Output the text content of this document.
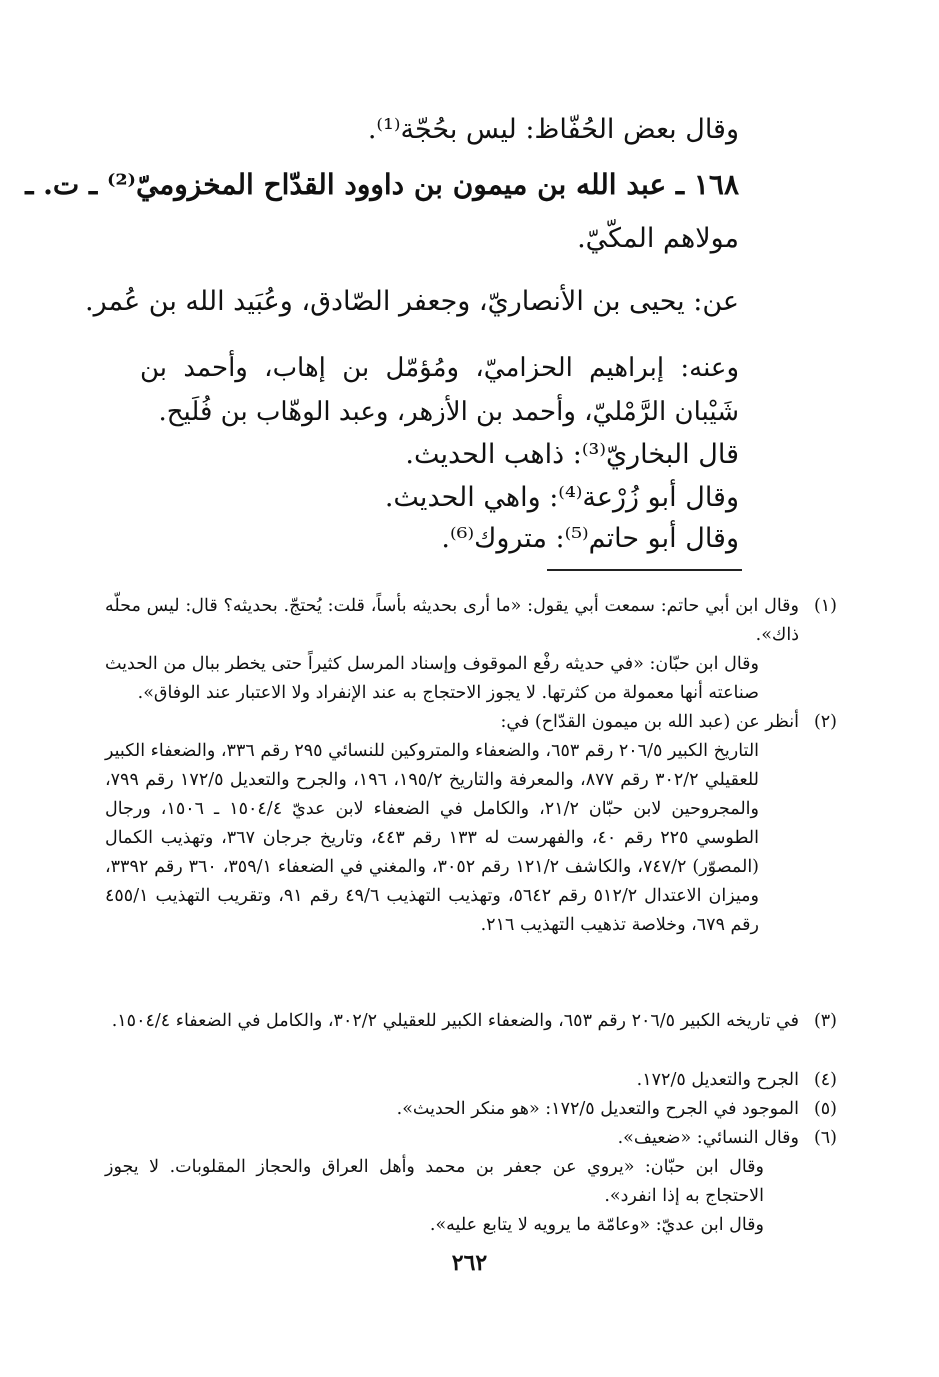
وقال بعض الحُفّاظ: ليس بحُجّة⁽¹⁾.
١٦٨ ـ عبد الله بن ميمون بن داوود القدّاح المخزوميّ⁽²⁾ ـ ت. ـ
مولاهم المكّيّ.
عن: يحيى بن الأنصاريّ، وجعفر الصّادق، وعُبَيد الله بن عُمر.
وعنه: إبراهيم الحزاميّ، ومُؤمّل بن إهاب، وأحمد بن شَيْبان الرَّمْليّ، وأحمد بن الأزهر، وعبد الوهّاب بن فُلَيح.
قال البخاريّ⁽³⁾: ذاهب الحديث.
وقال أبو زُرْعة⁽⁴⁾: واهي الحديث.
وقال أبو حاتم⁽⁵⁾: متروك⁽⁶⁾.
(١)
وقال ابن أبي حاتم: سمعت أبي يقول: «ما أرى بحديثه بأساً، قلت: يُحتجّ. بحديثه؟ قال: ليس محلّه ذاك».
وقال ابن حبّان: «في حديثه رفْع الموقوف وإسناد المرسل كثيراً حتى يخطر ببال من الحديث صناعته أنها معمولة من كثرتها. لا يجوز الاحتجاج به عند الإنفراد ولا الاعتبار عند الوفاق».
(٢)
أنظر عن (عبد الله بن ميمون القدّاح) في:
التاريخ الكبير ٢٠٦/٥ رقم ٦٥٣، والضعفاء والمتروكين للنسائي ٢٩٥ رقم ٣٣٦، والضعفاء الكبير للعقيلي ٣٠٢/٢ رقم ٨٧٧، والمعرفة والتاريخ ١٩٥/٢، ١٩٦، والجرح والتعديل ١٧٢/٥ رقم ٧٩٩، والمجروحين لابن حبّان ٢١/٢، والكامل في الضعفاء لابن عديّ ١٥٠٤/٤ ـ ١٥٠٦، ورجال الطوسي ٢٢٥ رقم ٤٠، والفهرست له ١٣٣ رقم ٤٤٣، وتاريخ جرجان ٣٦٧، وتهذيب الكمال (المصوّر) ٧٤٧/٢، والكاشف ١٢١/٢ رقم ٣٠٥٢، والمغني في الضعفاء ٣٥٩/١، ٣٦٠ رقم ٣٣٩٢، وميزان الاعتدال ٥١٢/٢ رقم ٥٦٤٢، وتهذيب التهذيب ٤٩/٦ رقم ٩١، وتقريب التهذيب ٤٥٥/١ رقم ٦٧٩، وخلاصة تذهيب التهذيب ٢١٦.
(٣)
في تاريخه الكبير ٢٠٦/٥ رقم ٦٥٣، والضعفاء الكبير للعقيلي ٣٠٢/٢، والكامل في الضعفاء ١٥٠٤/٤.
(٤)
الجرح والتعديل ١٧٢/٥.
(٥)
الموجود في الجرح والتعديل ١٧٢/٥: «هو منكر الحديث».
(٦)
وقال النسائي: «ضعيف».
وقال ابن حبّان: «يروي عن جعفر بن محمد وأهل العراق والحجاز المقلوبات. لا يجوز الاحتجاج به إذا انفرد».
وقال ابن عديّ: «وعامّة ما يرويه لا يتابع عليه».
٢٦٢
